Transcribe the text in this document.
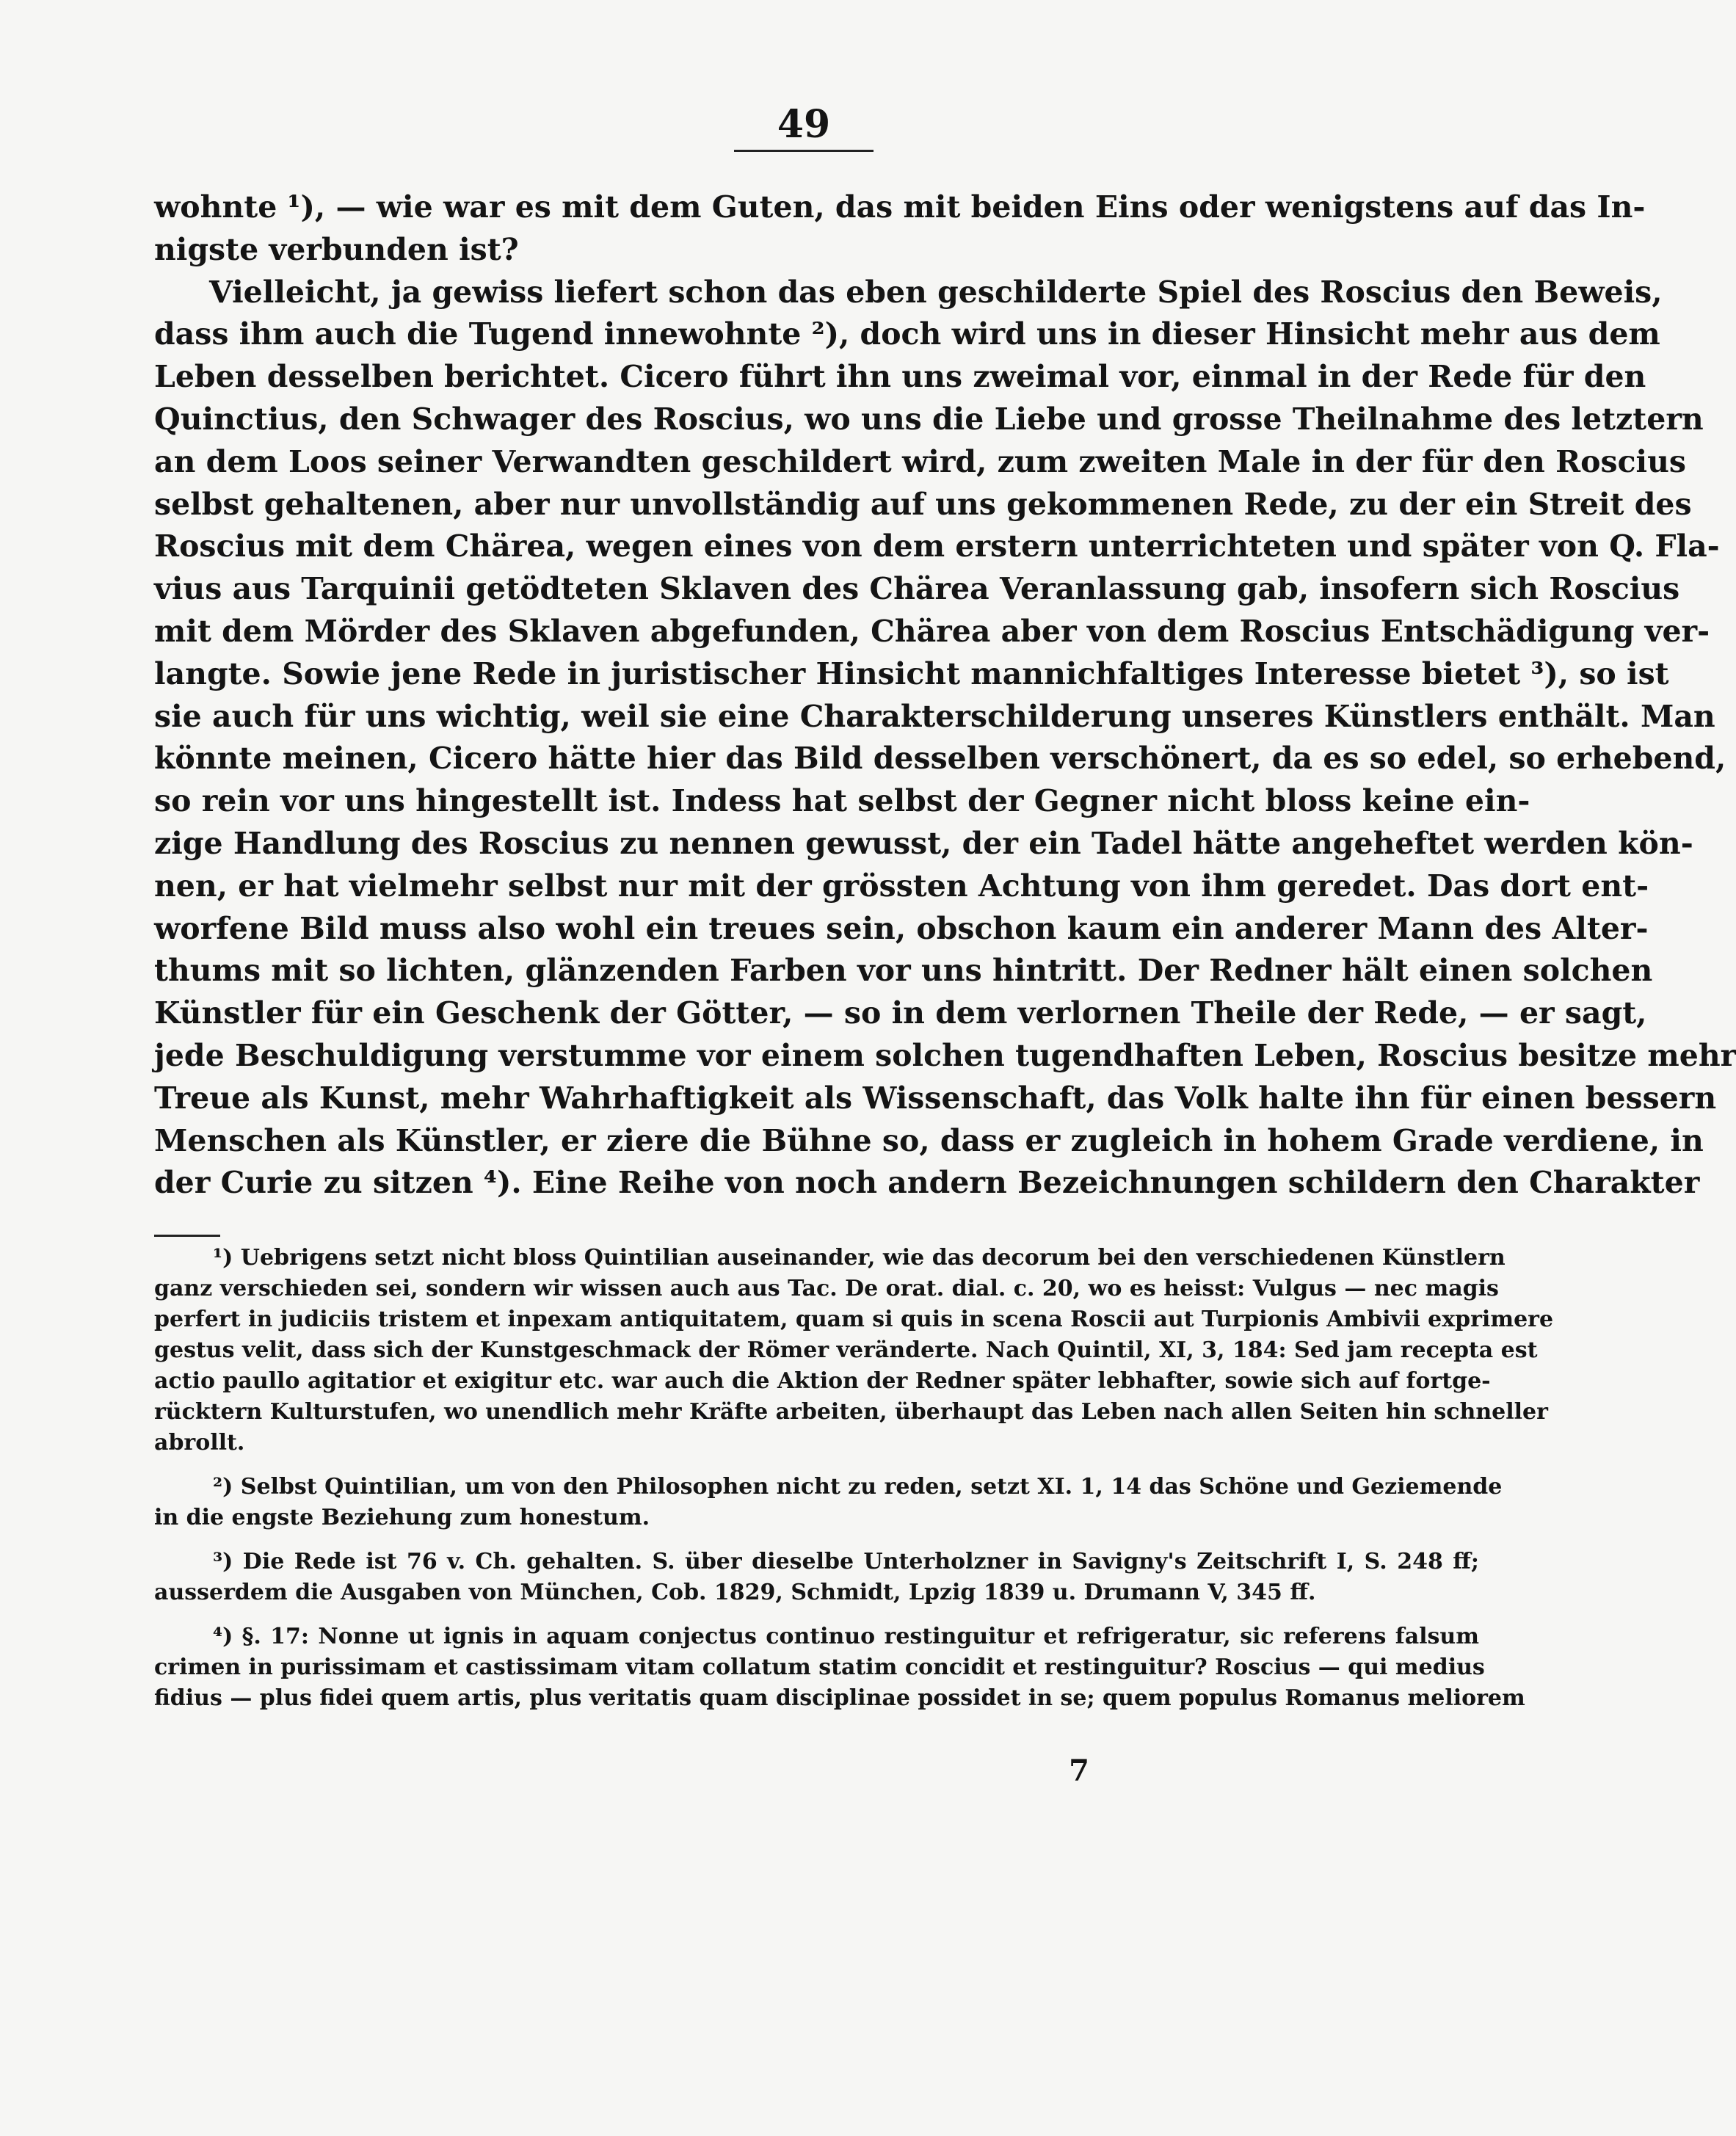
49
wohnte ¹), — wie war es mit dem Guten, das mit beiden Eins oder wenigstens auf das In-
nigste verbunden ist?
Vielleicht, ja gewiss liefert schon das eben geschilderte Spiel des Roscius den Beweis,
dass ihm auch die Tugend innewohnte ²), doch wird uns in dieser Hinsicht mehr aus dem
Leben desselben berichtet. Cicero führt ihn uns zweimal vor, einmal in der Rede für den
Quinctius, den Schwager des Roscius, wo uns die Liebe und grosse Theilnahme des letztern
an dem Loos seiner Verwandten geschildert wird, zum zweiten Male in der für den Roscius
selbst gehaltenen, aber nur unvollständig auf uns gekommenen Rede, zu der ein Streit des
Roscius mit dem Chärea, wegen eines von dem erstern unterrichteten und später von Q. Fla-
vius aus Tarquinii getödteten Sklaven des Chärea Veranlassung gab, insofern sich Roscius
mit dem Mörder des Sklaven abgefunden, Chärea aber von dem Roscius Entschädigung ver-
langte. Sowie jene Rede in juristischer Hinsicht mannichfaltiges Interesse bietet ³), so ist
sie auch für uns wichtig, weil sie eine Charakterschilderung unseres Künstlers enthält. Man
könnte meinen, Cicero hätte hier das Bild desselben verschönert, da es so edel, so erhebend,
so rein vor uns hingestellt ist. Indess hat selbst der Gegner nicht bloss keine ein-
zige Handlung des Roscius zu nennen gewusst, der ein Tadel hätte angeheftet werden kön-
nen, er hat vielmehr selbst nur mit der grössten Achtung von ihm geredet. Das dort ent-
worfene Bild muss also wohl ein treues sein, obschon kaum ein anderer Mann des Alter-
thums mit so lichten, glänzenden Farben vor uns hintritt. Der Redner hält einen solchen
Künstler für ein Geschenk der Götter, — so in dem verlornen Theile der Rede, — er sagt,
jede Beschuldigung verstumme vor einem solchen tugendhaften Leben, Roscius besitze mehr
Treue als Kunst, mehr Wahrhaftigkeit als Wissenschaft, das Volk halte ihn für einen bessern
Menschen als Künstler, er ziere die Bühne so, dass er zugleich in hohem Grade verdiene, in
der Curie zu sitzen ⁴). Eine Reihe von noch andern Bezeichnungen schildern den Charakter
¹) Uebrigens setzt nicht bloss Quintilian auseinander, wie das decorum bei den verschiedenen Künstlern
ganz verschieden sei, sondern wir wissen auch aus Tac. De orat. dial. c. 20, wo es heisst: Vulgus — nec magis
perfert in judiciis tristem et inpexam antiquitatem, quam si quis in scena Roscii aut Turpionis Ambivii exprimere
gestus velit, dass sich der Kunstgeschmack der Römer veränderte. Nach Quintil, XI, 3, 184: Sed jam recepta est
actio paullo agitatior et exigitur etc. war auch die Aktion der Redner später lebhafter, sowie sich auf fortge-
rücktern Kulturstufen, wo unendlich mehr Kräfte arbeiten, überhaupt das Leben nach allen Seiten hin schneller
abrollt.
²) Selbst Quintilian, um von den Philosophen nicht zu reden, setzt XI. 1, 14 das Schöne und Geziemende
in die engste Beziehung zum honestum.
³) Die Rede ist 76 v. Ch. gehalten. S. über dieselbe Unterholzner in Savigny's Zeitschrift I, S. 248 ff;
ausserdem die Ausgaben von München, Cob. 1829, Schmidt, Lpzig 1839 u. Drumann V, 345 ff.
⁴) §. 17: Nonne ut ignis in aquam conjectus continuo restinguitur et refrigeratur, sic referens falsum
crimen in purissimam et castissimam vitam collatum statim concidit et restinguitur? Roscius — qui medius
fidius — plus fidei quem artis, plus veritatis quam disciplinae possidet in se; quem populus Romanus meliorem
7
